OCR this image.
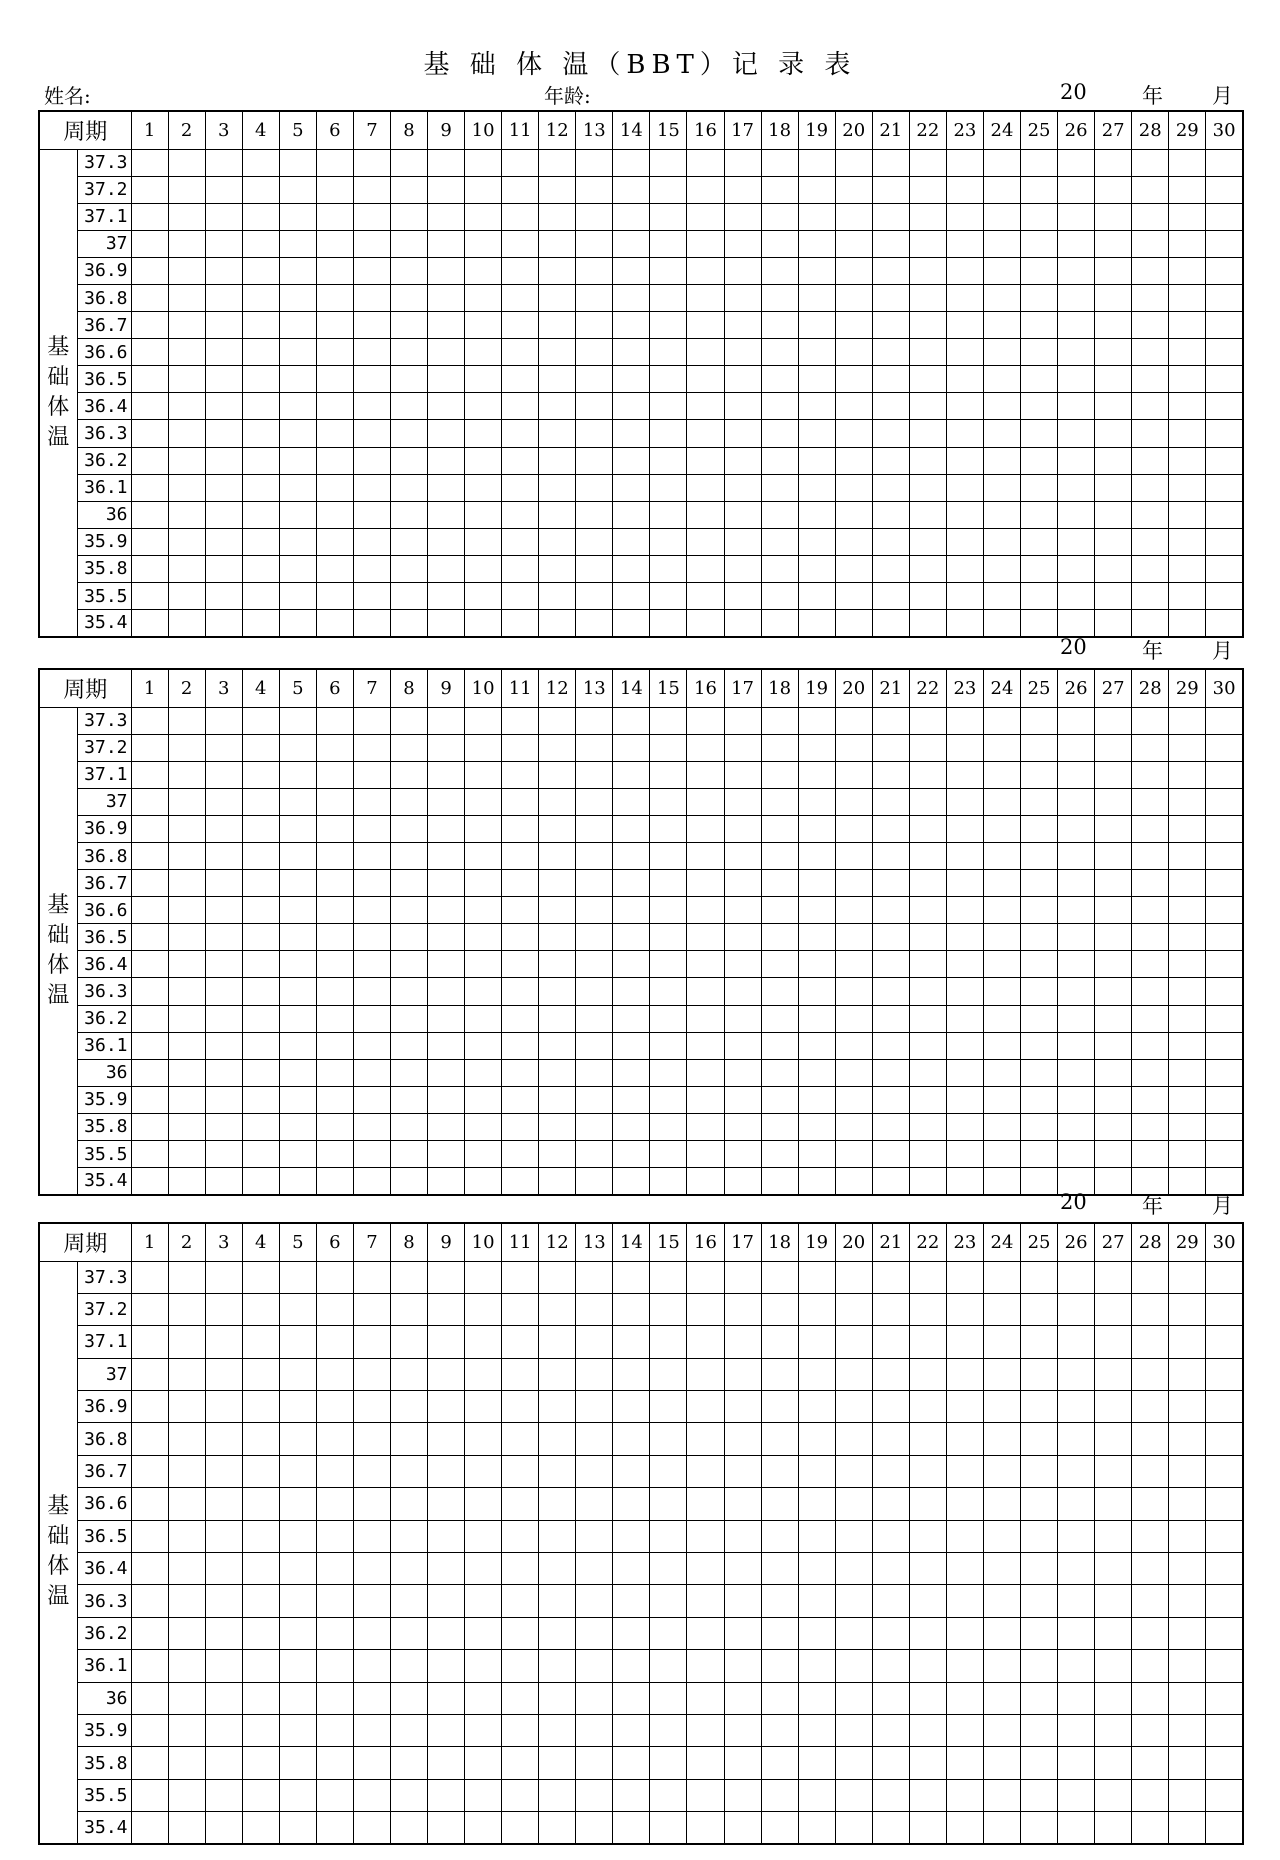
基 础 体 温（BBT）记 录 表
姓名:	年龄:	20	年 月
周期		1	2	3	4	5	6	7	8	9	10	11	12	13	14	15	16	17	18	19	20	21	22	23	24	25	26	27	28	29	30

基础体温	37.3																														
	37.2																														
	37.1																														
	37																														
	36.9																														
	36.8																														
	36.7																														
	36.6																														
	36.5																														
	36.4																														
	36.3																														
	36.2																														
	36.1																														
	36																														
	35.9																														
	35.8																														
	35.5																														
	35.4																														
20	年 月
周期		1	2	3	4	5	6	7	8	9	10	11	12	13	14	15	16	17	18	19	20	21	22	23	24	25	26	27	28	29	30

基础体温	37.3																														
	37.2																														
	37.1																														
	37																														
	36.9																														
	36.8																														
	36.7																														
	36.6																														
	36.5																														
	36.4																														
	36.3																														
	36.2																														
	36.1																														
	36																														
	35.9																														
	35.8																														
	35.5																														
	35.4																														
20	年 月
周期		1	2	3	4	5	6	7	8	9	10	11	12	13	14	15	16	17	18	19	20	21	22	23	24	25	26	27	28	29	30

基础体温	37.3																														
	37.2																														
	37.1																														
	37																														
	36.9																														
	36.8																														
	36.7																														
	36.6																														
	36.5																														
	36.4																														
	36.3																														
	36.2																														
	36.1																														
	36																														
	35.9																														
	35.8																														
	35.5																														
	35.4																														
